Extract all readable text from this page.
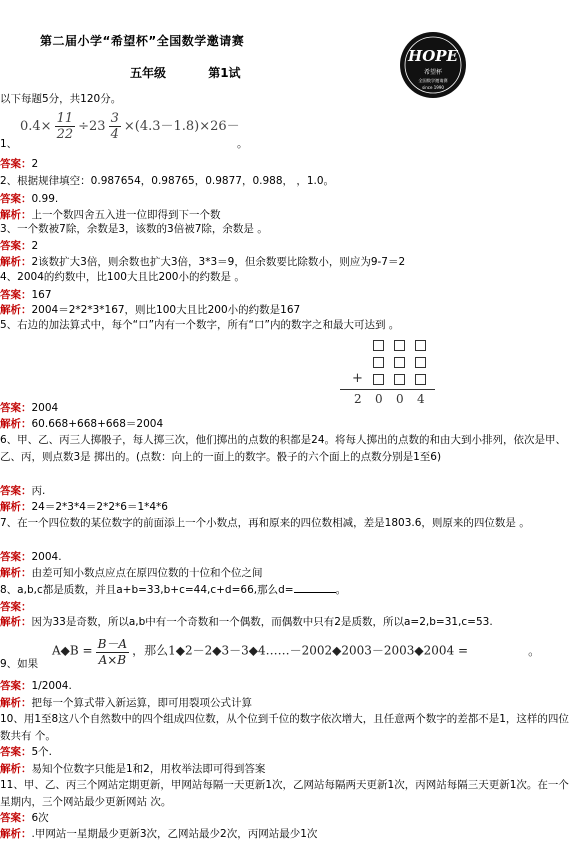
第二届小学“希望杯”全国数学邀请赛
五年级	第1试
HOPE
希望杯
全国数学邀请赛
since 1990
以下每题5分，共120分。
$0.4\times \frac{11}{22} \div 23 \frac{3}{4} \times(4.3-1.8)\times 26-$
1、	。
答案：2
2、根据规律填空：0.987654，0.98765，0.9877，0.988， ，1.0。
答案：0.99.
解析：上一个数四舍五入进一位即得到下一个数
3、一个数被7除，余数是3，该数的3倍被7除，余数是 。
答案：2
解析：2该数扩大3倍，则余数也扩大3倍，3*3＝9，但余数要比除数小，则应为9-7＝2
4、2004的约数中，比100大且比200小的约数是 。
答案：167
解析：2004＝2*2*3*167，则比100大且比200小的约数是167
5、右边的加法算式中，每个“口”内有一个数字，所有“口”内的数字之和最大可达到 。
+
2 0 0 4
答案：2004
解析：60.668+668+668＝2004
6、甲、乙、丙三人掷骰子，每人掷三次，他们掷出的点数的积都是24。将每人掷出的点数的和由大到小排列，依次是甲、乙、丙，则点数3是 掷出的。(点数：向上的一面上的数字。骰子的六个面上的点数分别是1至6)
答案：丙.
解析：24＝2*3*4＝2*2*6＝1*4*6
7、在一个四位数的某位数字的前面添上一个小数点，再和原来的四位数相减，差是1803.6，则原来的四位数是 。
答案：2004.
解析：由差可知小数点应点在原四位数的十位和个位之间
8、a,b,c都是质数，并且a+b=33,b+c=44,c+d=66,那么d=	。
答案：
解析：因为33是奇数，所以a,b中有一个奇数和一个偶数，而偶数中只有2是质数，所以a=2,b=31,c=53.
9、如果
A◆B = $\frac{B-A}{A\times B}$ ，那么1◆2－2◆3－3◆4……－2002◆2003－2003◆2004 =	。
答案：1/2004.
解析：把每一个算式带入新运算，即可用裂项公式计算
10、用1至8这八个自然数中的四个组成四位数，从个位到千位的数字依次增大，且任意两个数字的差都不是1，这样的四位数共有 个。
答案：5个.
解析：易知个位数字只能是1和2，用枚举法即可得到答案
11、甲、乙、丙三个网站定期更新，甲网站每隔一天更新1次，乙网站每隔两天更新1次，丙网站每隔三天更新1次。在一个星期内，三个网站最少更新网站 次。
答案：6次
解析：.甲网站一星期最少更新3次，乙网站最少2次，丙网站最少1次
